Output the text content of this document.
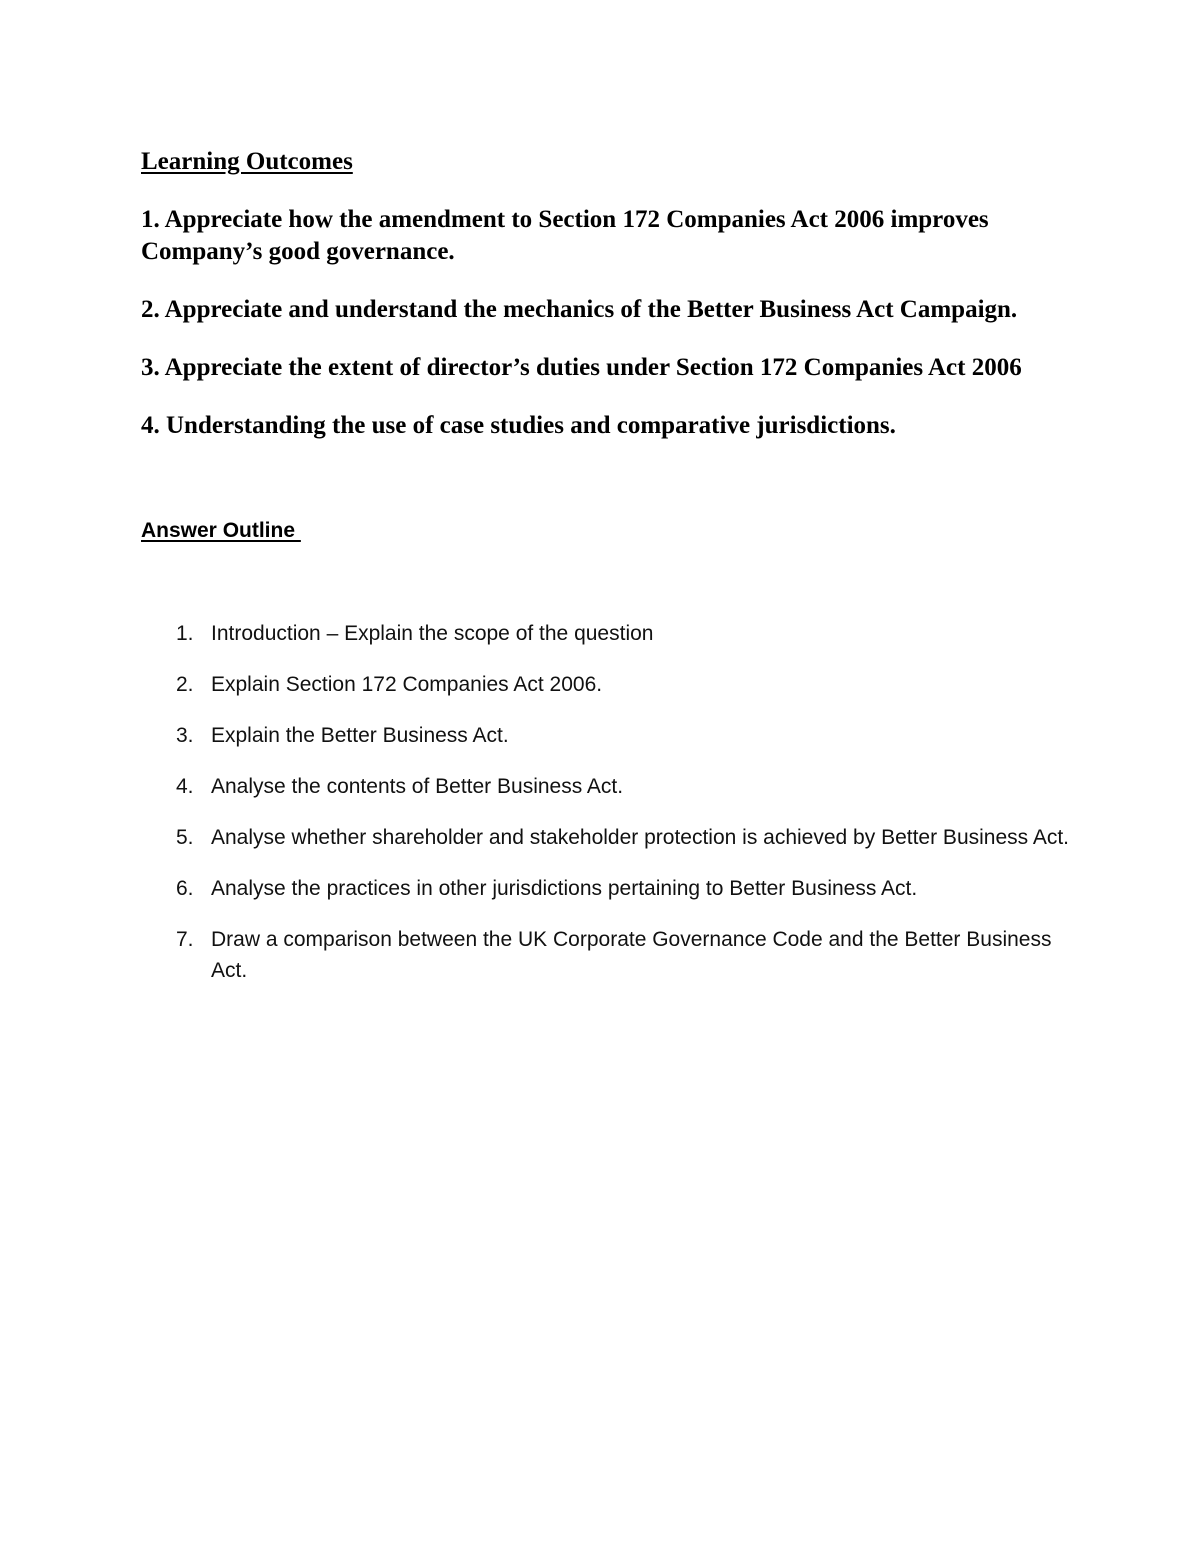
Learning Outcomes
1. Appreciate how the amendment to Section 172 Companies Act 2006 improves Company’s good governance.
2. Appreciate and understand the mechanics of the Better Business Act Campaign.
3. Appreciate the extent of director’s duties under Section 172 Companies Act 2006
4. Understanding the use of case studies and comparative jurisdictions.
Answer Outline
1. Introduction – Explain the scope of the question
2. Explain Section 172 Companies Act 2006.
3. Explain the Better Business Act.
4. Analyse the contents of Better Business Act.
5. Analyse whether shareholder and stakeholder protection is achieved by Better Business Act.
6. Analyse the practices in other jurisdictions pertaining to Better Business Act.
7. Draw a comparison between the UK Corporate Governance Code and the Better Business Act.
